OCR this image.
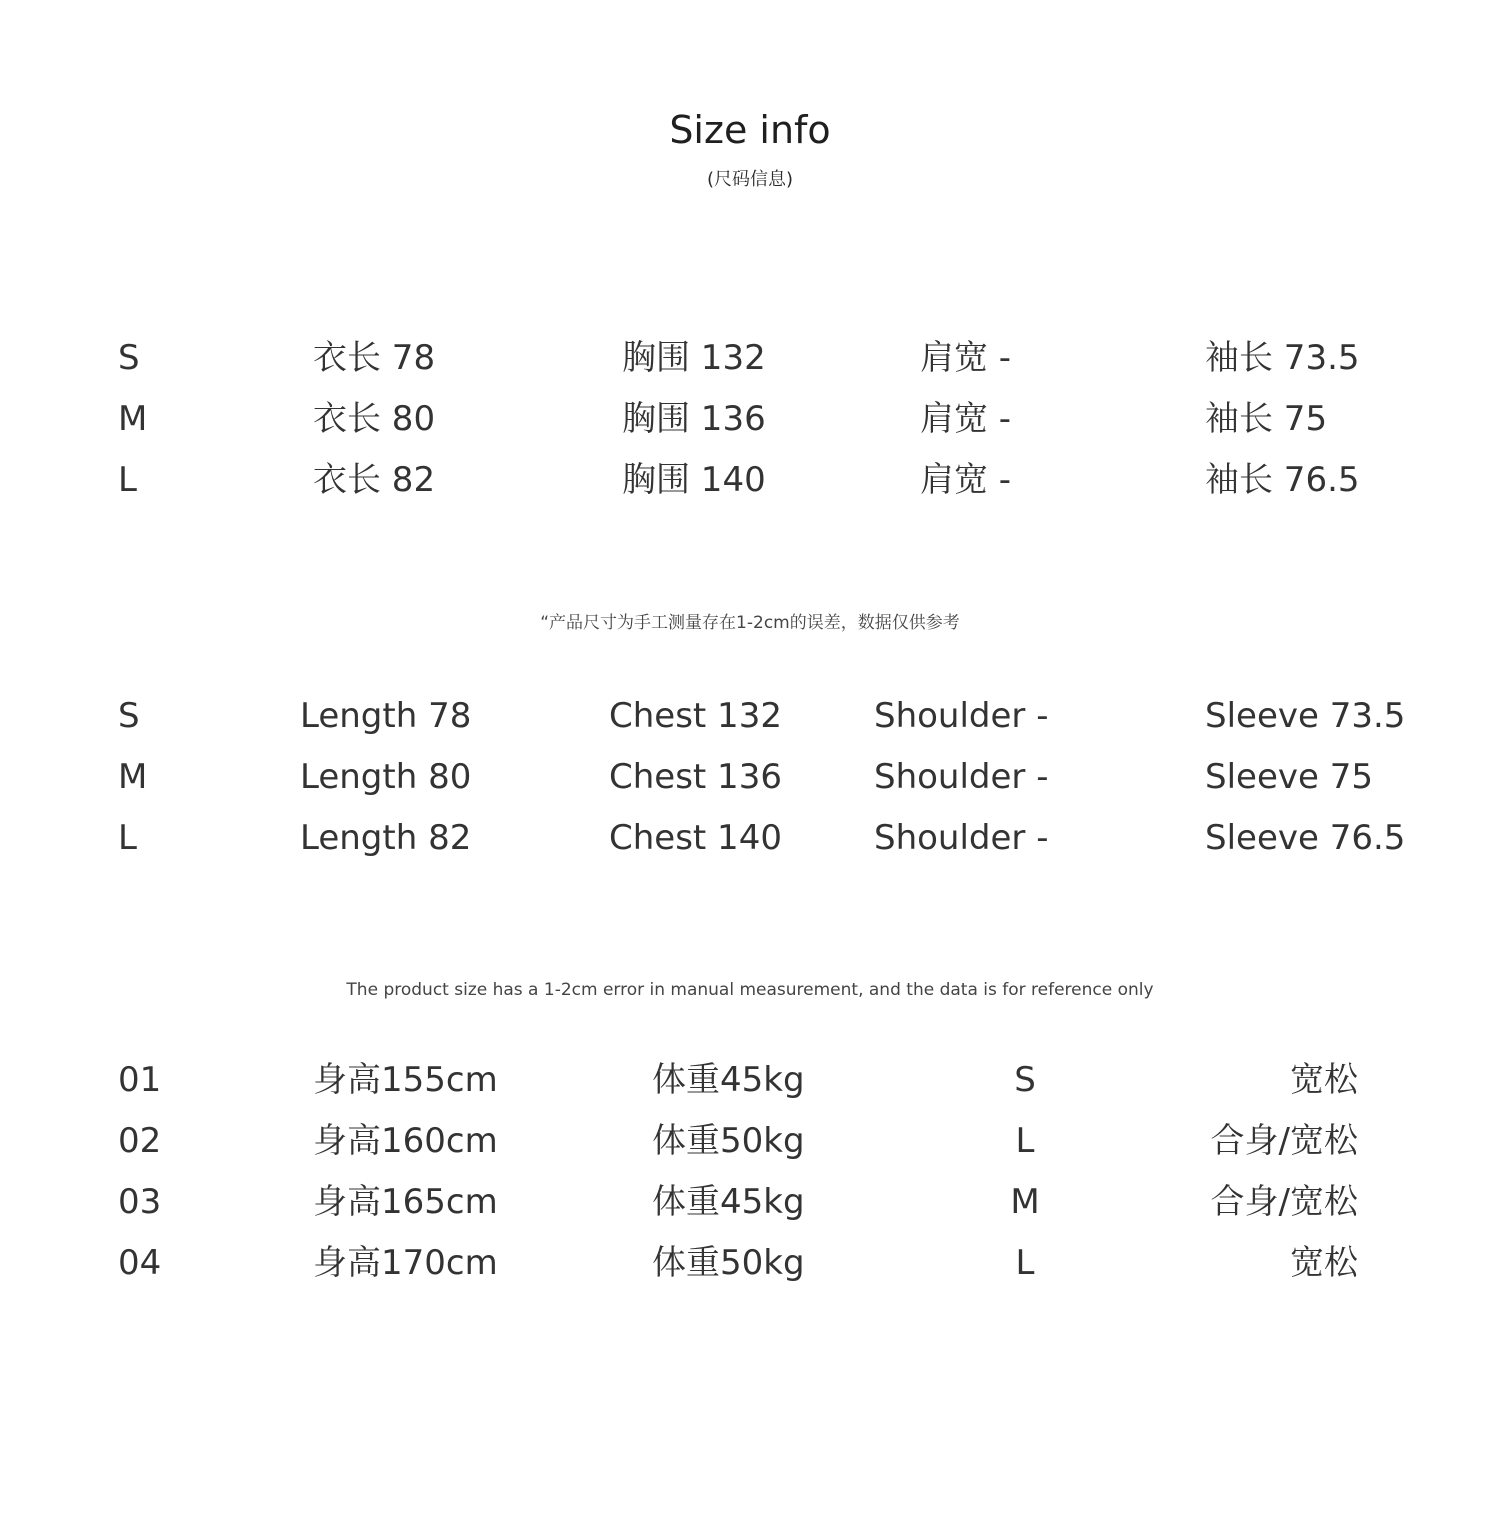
Size info
(尺码信息)
S	衣长 78	胸围 132	肩宽 -	袖长 73.5
M	衣长 80	胸围 136	肩宽 -	袖长 75
L	衣长 82	胸围 140	肩宽 -	袖长 76.5
“产品尺寸为手工测量存在1-2cm的误差，数据仅供参考
S	Length 78	Chest 132	Shoulder -	Sleeve 73.5
M	Length 80	Chest 136	Shoulder -	Sleeve 75
L	Length 82	Chest 140	Shoulder -	Sleeve 76.5
The product size has a 1-2cm error in manual measurement, and the data is for reference only
01	身高155cm	体重45kg	S	宽松
02	身高160cm	体重50kg	L	合身/宽松
03	身高165cm	体重45kg	M	合身/宽松
04	身高170cm	体重50kg	L	宽松
